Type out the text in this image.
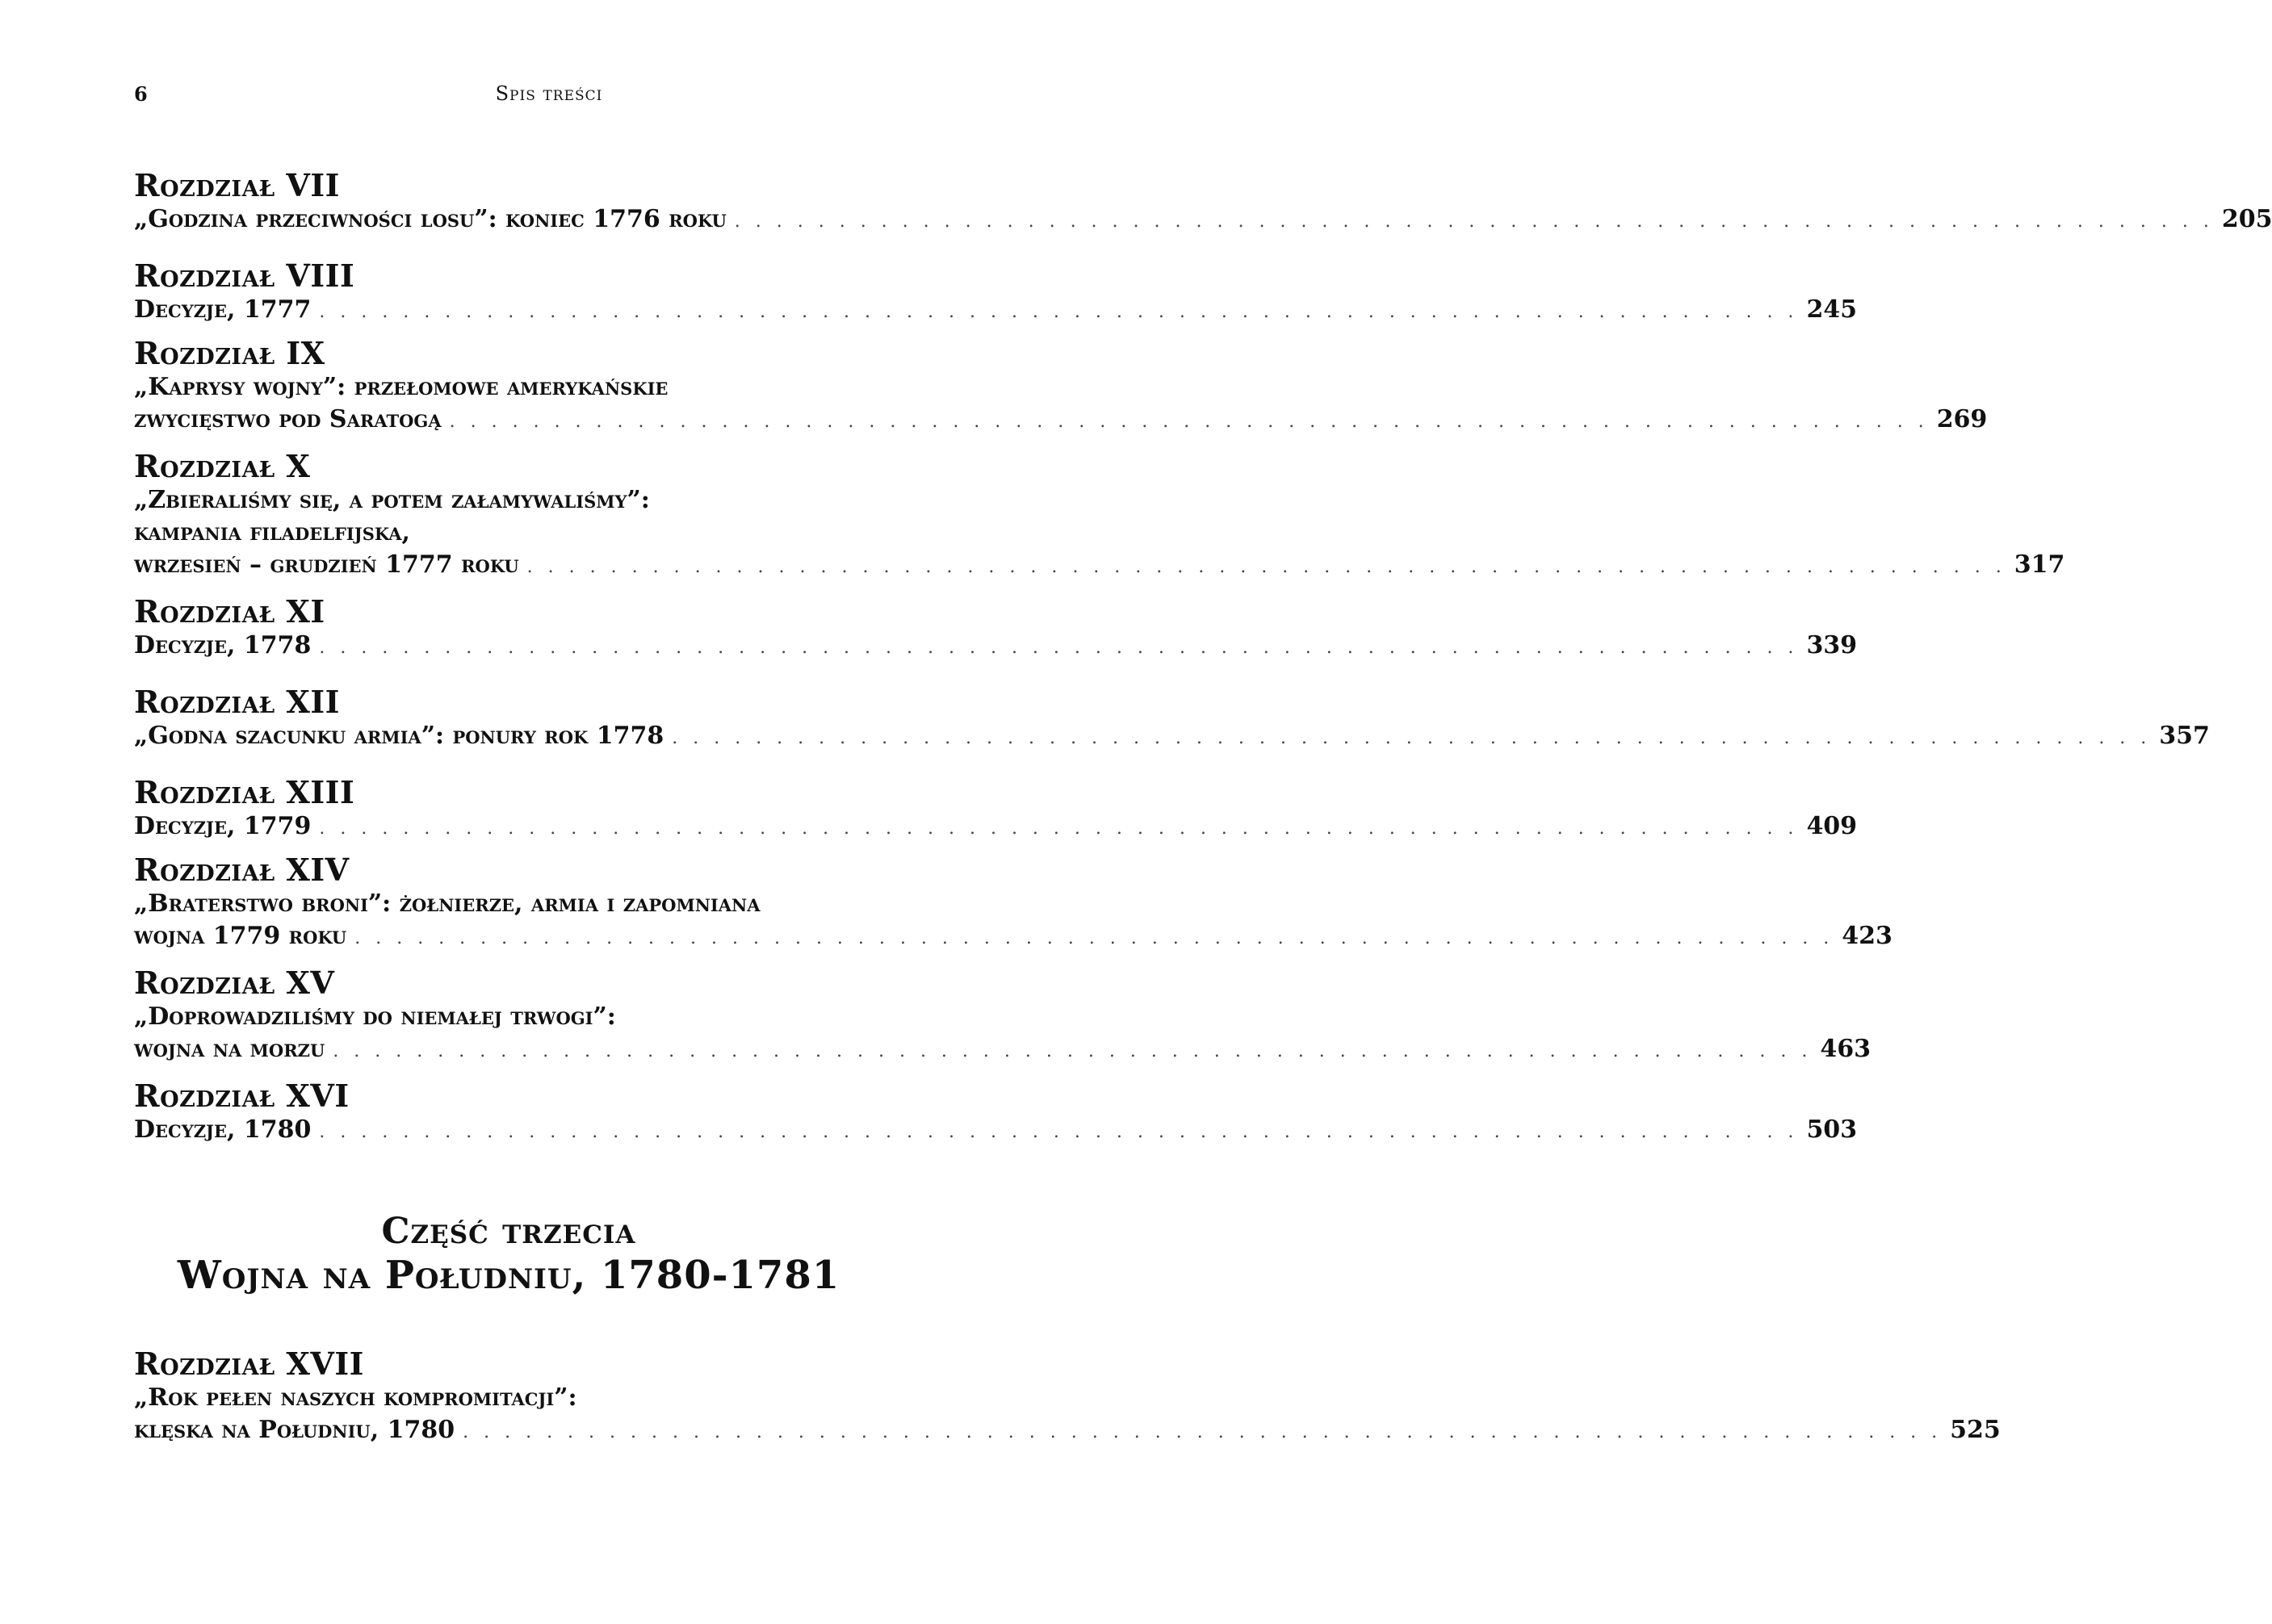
6	Spis treści
Rozdział VII
„Godzina przeciwności losu”: koniec 1776 roku . . . . . . . . . . . . . . . . . . . . . . . . . . . . . . . . . . . . . . . . . . . . . . . . . . . . . . . . . . . . . . . . . . . . . . . 205
Rozdział VIII
Decyzje, 1777 . . . . . . . . . . . . . . . . . . . . . . . . . . . . . . . . . . . . . . . . . . . . . . . . . . . . . . . . . . . . . . . . . . . . . . . 245
Rozdział IX
„Kaprysy wojny”: przełomowe amerykańskie
zwycięstwo pod Saratogą . . . . . . . . . . . . . . . . . . . . . . . . . . . . . . . . . . . . . . . . . . . . . . . . . . . . . . . . . . . . . . . . . . . . . . . 269
Rozdział X
„Zbieraliśmy się, a potem załamywaliśmy”:
kampania filadelfijska,
wrzesień – grudzień 1777 roku . . . . . . . . . . . . . . . . . . . . . . . . . . . . . . . . . . . . . . . . . . . . . . . . . . . . . . . . . . . . . . . . . . . . . . . 317
Rozdział XI
Decyzje, 1778 . . . . . . . . . . . . . . . . . . . . . . . . . . . . . . . . . . . . . . . . . . . . . . . . . . . . . . . . . . . . . . . . . . . . . . . 339
Rozdział XII
„Godna szacunku armia”: ponury rok 1778 . . . . . . . . . . . . . . . . . . . . . . . . . . . . . . . . . . . . . . . . . . . . . . . . . . . . . . . . . . . . . . . . . . . . . . . 357
Rozdział XIII
Decyzje, 1779 . . . . . . . . . . . . . . . . . . . . . . . . . . . . . . . . . . . . . . . . . . . . . . . . . . . . . . . . . . . . . . . . . . . . . . . 409
Rozdział XIV
„Braterstwo broni”: żołnierze, armia i zapomniana
wojna 1779 roku . . . . . . . . . . . . . . . . . . . . . . . . . . . . . . . . . . . . . . . . . . . . . . . . . . . . . . . . . . . . . . . . . . . . . . . 423
Rozdział XV
„Doprowadziliśmy do niemałej trwogi”:
wojna na morzu . . . . . . . . . . . . . . . . . . . . . . . . . . . . . . . . . . . . . . . . . . . . . . . . . . . . . . . . . . . . . . . . . . . . . . . 463
Rozdział XVI
Decyzje, 1780 . . . . . . . . . . . . . . . . . . . . . . . . . . . . . . . . . . . . . . . . . . . . . . . . . . . . . . . . . . . . . . . . . . . . . . . 503
Część trzecia
Wojna na Południu, 1780-1781
Rozdział XVII
„Rok pełen naszych kompromitacji”:
klęska na Południu, 1780 . . . . . . . . . . . . . . . . . . . . . . . . . . . . . . . . . . . . . . . . . . . . . . . . . . . . . . . . . . . . . . . . . . . . . . . 525
